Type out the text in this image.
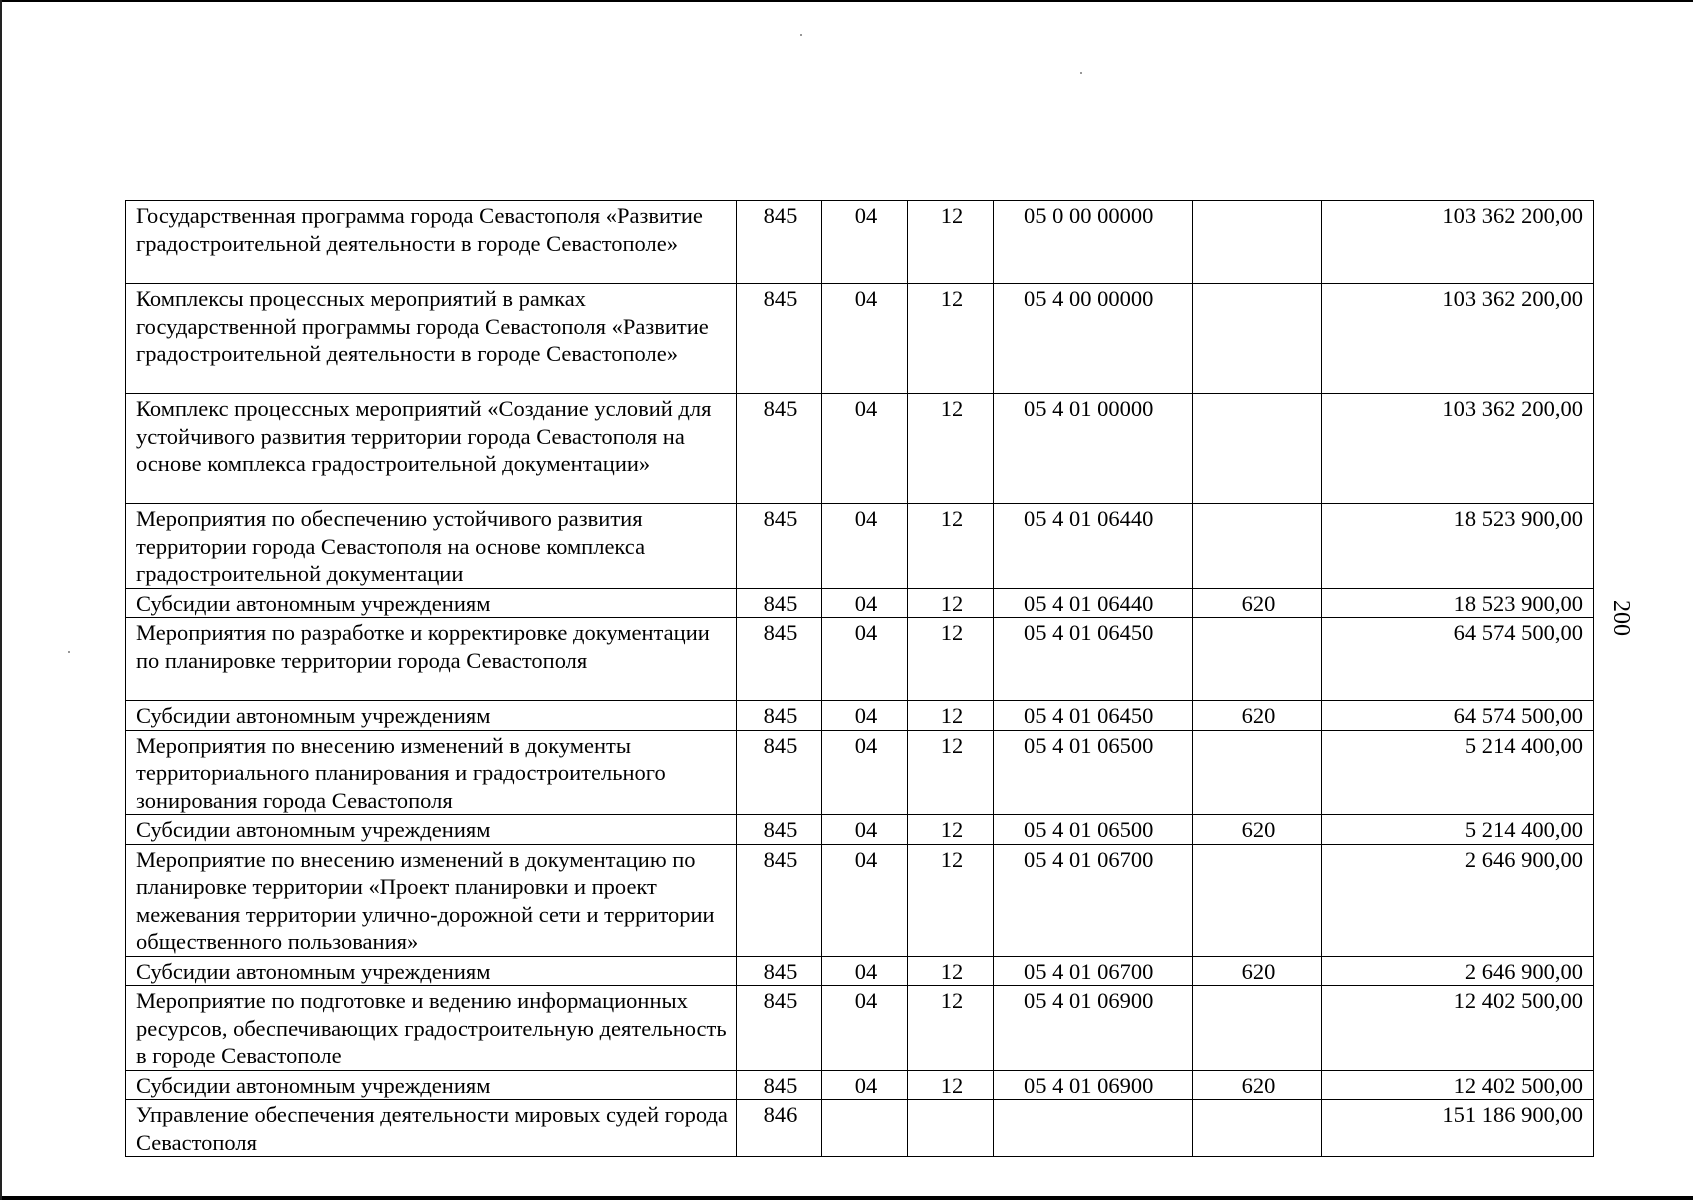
200
Государственная программа города Севастополя «Развитие градостроительной деятельности в городе Севастополе»	845	04	12	05 0 00 00000		103 362 200,00
Комплексы процессных мероприятий в рамках государственной программы города Севастополя «Развитие градостроительной деятельности в городе Севастополе»	845	04	12	05 4 00 00000		103 362 200,00
Комплекс процессных мероприятий «Создание условий для устойчивого развития территории города Севастополя на основе комплекса градостроительной документации»	845	04	12	05 4 01 00000		103 362 200,00
Мероприятия по обеспечению устойчивого развития территории города Севастополя на основе комплекса градостроительной документации	845	04	12	05 4 01 06440		18 523 900,00
Субсидии автономным учреждениям	845	04	12	05 4 01 06440	620	18 523 900,00
Мероприятия по разработке и корректировке документации по планировке территории города Севастополя	845	04	12	05 4 01 06450		64 574 500,00
Субсидии автономным учреждениям	845	04	12	05 4 01 06450	620	64 574 500,00
Мероприятия по внесению изменений в документы территориального планирования и градостроительного зонирования города Севастополя	845	04	12	05 4 01 06500		5 214 400,00
Субсидии автономным учреждениям	845	04	12	05 4 01 06500	620	5 214 400,00
Мероприятие по внесению изменений в документацию по планировке территории «Проект планировки и проект межевания территории улично-дорожной сети и территории общественного пользования»	845	04	12	05 4 01 06700		2 646 900,00
Субсидии автономным учреждениям	845	04	12	05 4 01 06700	620	2 646 900,00
Мероприятие по подготовке и ведению информационных ресурсов, обеспечивающих градостроительную деятельность в городе Севастополе	845	04	12	05 4 01 06900		12 402 500,00
Субсидии автономным учреждениям	845	04	12	05 4 01 06900	620	12 402 500,00
Управление обеспечения деятельности мировых судей города Севастополя	846					151 186 900,00
